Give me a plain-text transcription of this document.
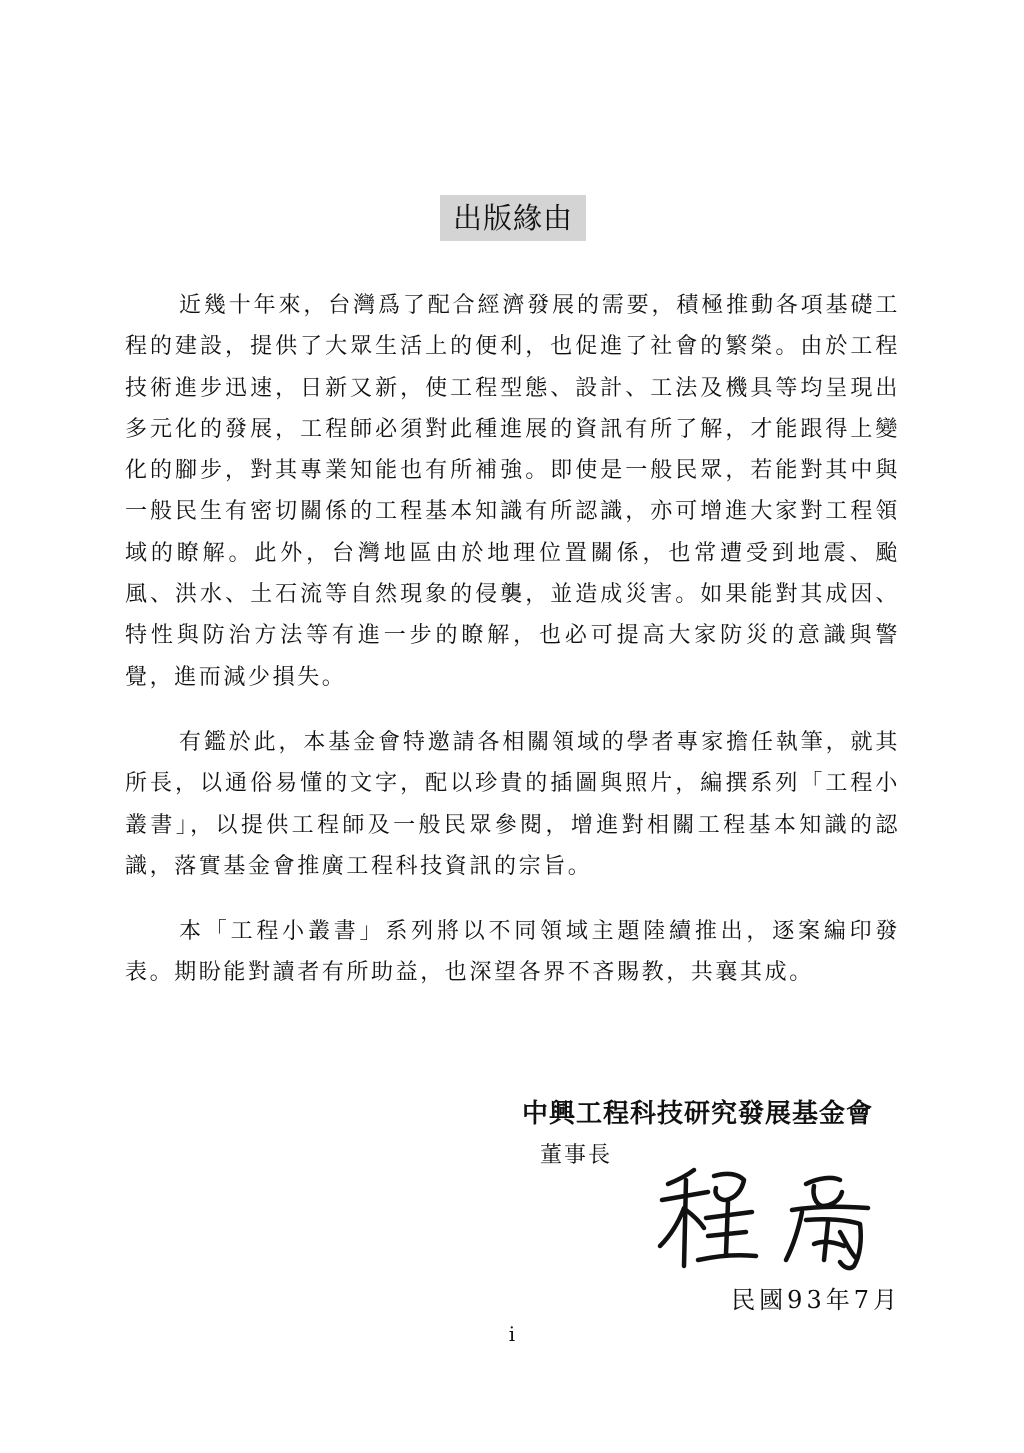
出版緣由

近幾十年來，台灣爲了配合經濟發展的需要，積極推動各項基礎工程的建設，提供了大眾生活上的便利，也促進了社會的繁榮。由於工程技術進步迅速，日新又新，使工程型態、設計、工法及機具等均呈現出多元化的發展，工程師必須對此種進展的資訊有所了解，才能跟得上變化的腳步，對其專業知能也有所補強。即使是一般民眾，若能對其中與一般民生有密切關係的工程基本知識有所認識，亦可增進大家對工程領域的瞭解。此外，台灣地區由於地理位置關係，也常遭受到地震、颱風、洪水、土石流等自然現象的侵襲，並造成災害。如果能對其成因、特性與防治方法等有進一步的瞭解，也必可提高大家防災的意識與警覺，進而減少損失。

有鑑於此，本基金會特邀請各相關領域的學者專家擔任執筆，就其所長，以通俗易懂的文字，配以珍貴的插圖與照片，編撰系列「工程小叢書」，以提供工程師及一般民眾參閱，增進對相關工程基本知識的認識，落實基金會推廣工程科技資訊的宗旨。

本「工程小叢書」系列將以不同領域主題陸續推出，逐案編印發表。期盼能對讀者有所助益，也深望各界不吝賜教，共襄其成。

中興工程科技研究發展基金會
董事長
民國93年7月
i
